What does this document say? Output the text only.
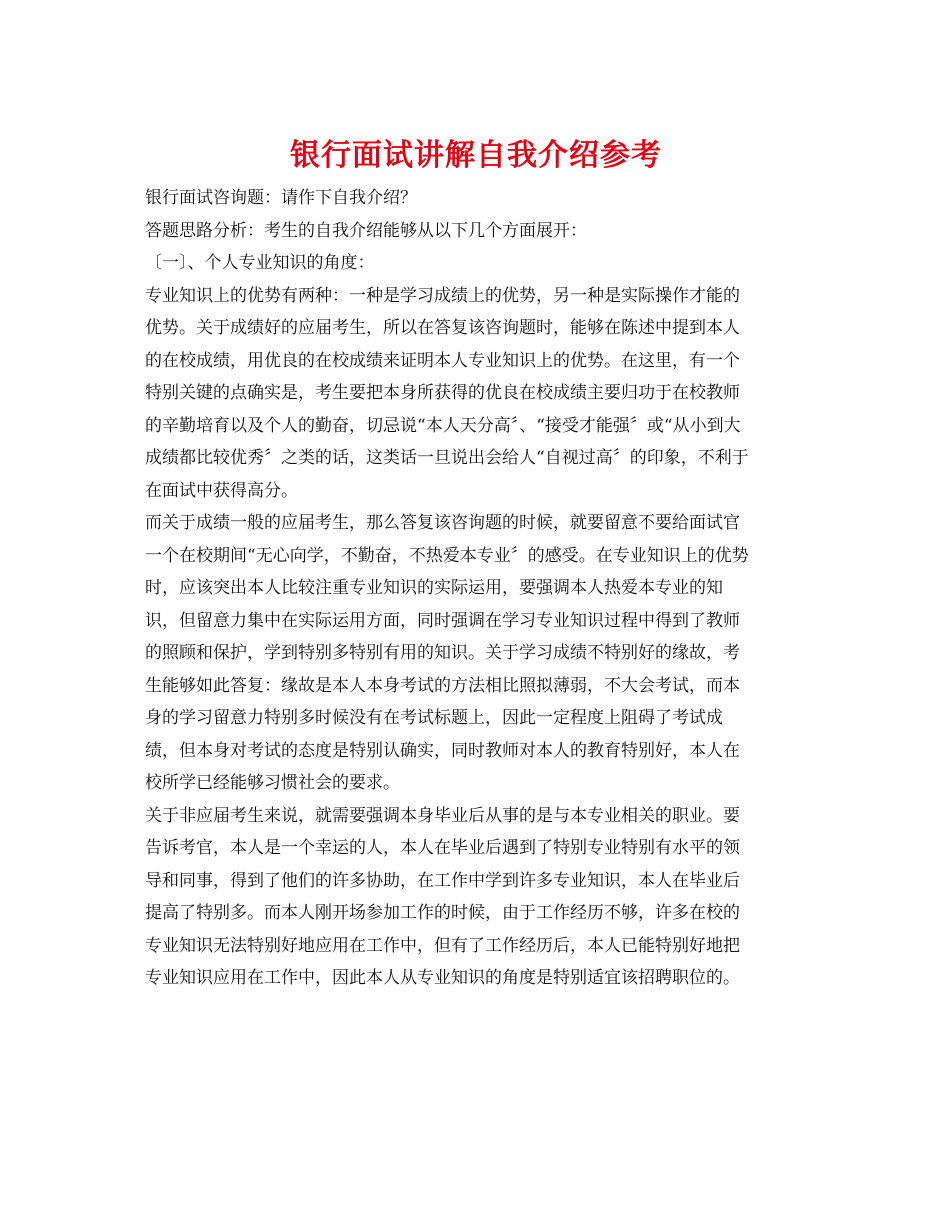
银行面试讲解自我介绍参考

银行面试咨询题：请作下自我介绍？

答题思路分析：考生的自我介绍能够从以下几个方面展开：

〔一〕、个人专业知识的角度：

专业知识上的优势有两种：一种是学习成绩上的优势，另一种是实际操作才能的

优势。关于成绩好的应届考生，所以在答复该咨询题时，能够在陈述中提到本人

的在校成绩，用优良的在校成绩来证明本人专业知识上的优势。在这里，有一个

特别关键的点确实是，考生要把本身所获得的优良在校成绩主要归功于在校教师

的辛勤培育以及个人的勤奋，切忌说“本人天分高〞、“接受才能强〞或“从小到大

成绩都比较优秀〞之类的话，这类话一旦说出会给人“自视过高〞的印象，不利于

在面试中获得高分。

而关于成绩一般的应届考生，那么答复该咨询题的时候，就要留意不要给面试官

一个在校期间“无心向学，不勤奋，不热爱本专业〞的感受。在专业知识上的优势

时，应该突出本人比较注重专业知识的实际运用，要强调本人热爱本专业的知

识，但留意力集中在实际运用方面，同时强调在学习专业知识过程中得到了教师

的照顾和保护，学到特别多特别有用的知识。关于学习成绩不特别好的缘故，考

生能够如此答复：缘故是本人本身考试的方法相比照拟薄弱，不大会考试，而本

身的学习留意力特别多时候没有在考试标题上，因此一定程度上阻碍了考试成

绩，但本身对考试的态度是特别认确实，同时教师对本人的教育特别好，本人在

校所学已经能够习惯社会的要求。

关于非应届考生来说，就需要强调本身毕业后从事的是与本专业相关的职业。要

告诉考官，本人是一个幸运的人，本人在毕业后遇到了特别专业特别有水平的领

导和同事，得到了他们的许多协助，在工作中学到许多专业知识，本人在毕业后

提高了特别多。而本人刚开场参加工作的时候，由于工作经历不够，许多在校的

专业知识无法特别好地应用在工作中，但有了工作经历后，本人已能特别好地把

专业知识应用在工作中，因此本人从专业知识的角度是特别适宜该招聘职位的。
